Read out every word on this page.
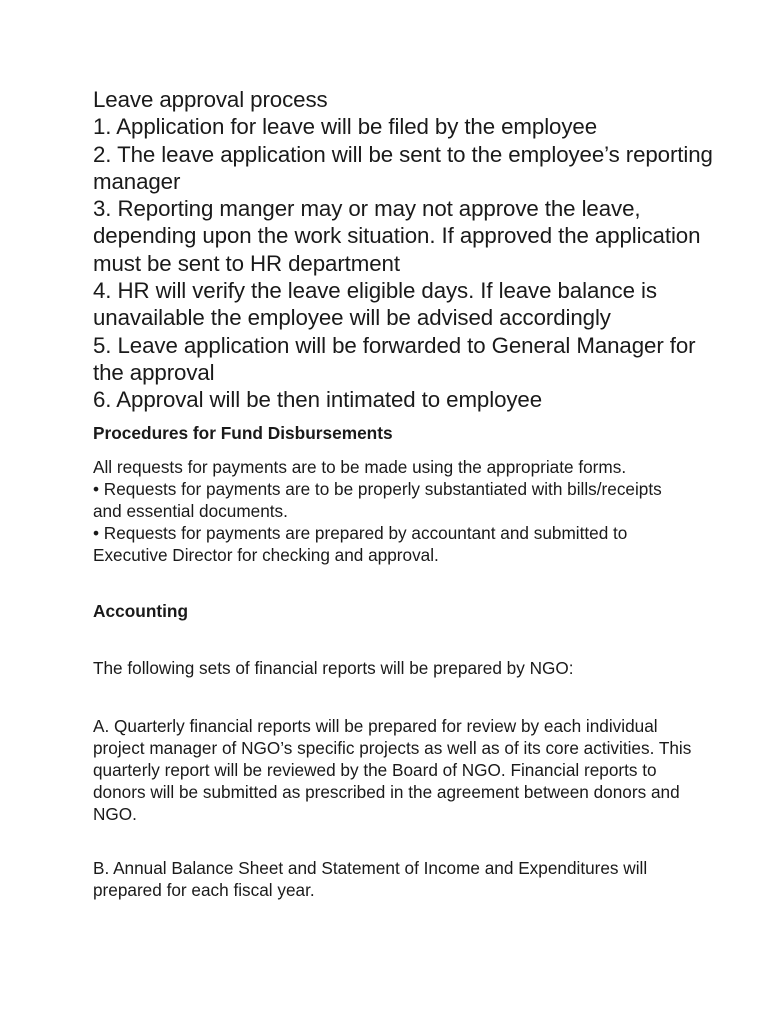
Leave approval process

1. Application for leave will be filed by the employee

2. The leave application will be sent to the employee’s reporting manager

3. Reporting manger may or may not approve the leave, depending upon the work situation. If approved the application must be sent to HR department

4. HR will verify the leave eligible days. If leave balance is unavailable the employee will be advised accordingly

5. Leave application will be forwarded to General Manager for the approval

6. Approval will be then intimated to employee

Procedures for Fund Disbursements

All requests for payments are to be made using the appropriate forms.

• Requests for payments are to be properly substantiated with bills/receipts and essential documents.

• Requests for payments are prepared by accountant and submitted to Executive Director for checking and approval.

Accounting

The following sets of financial reports will be prepared by NGO:

A. Quarterly financial reports will be prepared for review by each individual project manager of NGO’s specific projects as well as of its core activities. This quarterly report will be reviewed by the Board of NGO. Financial reports to donors will be submitted as prescribed in the agreement between donors and NGO.

B. Annual Balance Sheet and Statement of Income and Expenditures will prepared for each fiscal year.
